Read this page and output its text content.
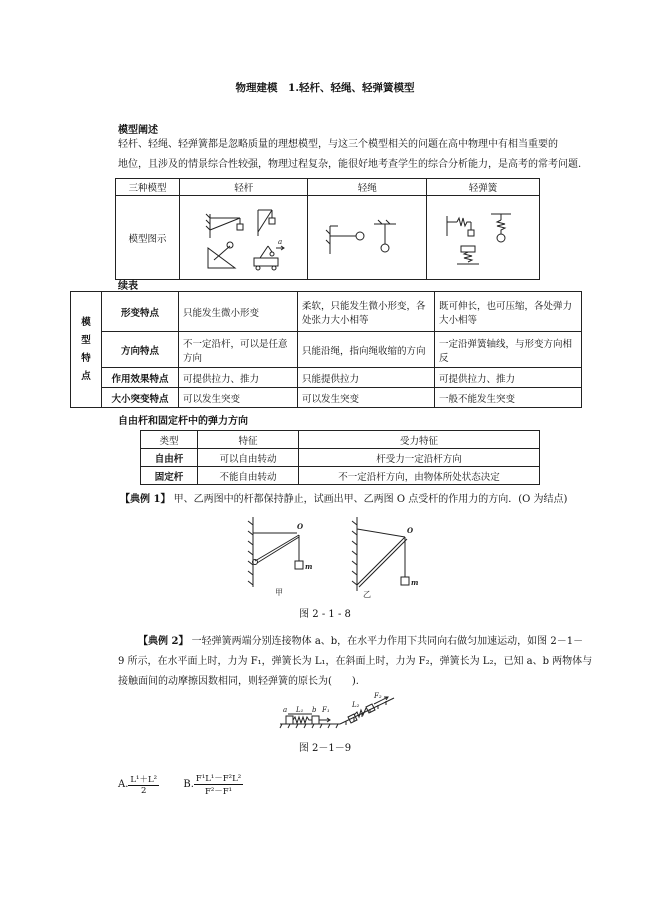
物理建模　1.轻杆、轻绳、轻弹簧模型
模型阐述
轻杆、轻绳、轻弹簧都是忽略质量的理想模型，与这三个模型相关的问题在高中物理中有相当重要的
地位，且涉及的情景综合性较强，物理过程复杂，能很好地考查学生的综合分析能力，是高考的常考问题.
三种模型	轻杆	轻绳	轻弹簧
模型图示	a

续表
模
型
特
点	形变特点	只能发生微小形变	柔软，只能发生微小形变，各处张力大小相等	既可伸长，也可压缩，各处弹力大小相等
	方向特点	不一定沿杆，可以是任意方向	只能沿绳，指向绳收缩的方向	一定沿弹簧轴线，与形变方向相反
	作用效果特点	可提供拉力、推力	只能提供拉力	可提供拉力、推力
	大小突变特点	可以发生突变	可以发生突变	一般不能发生突变
自由杆和固定杆中的弹力方向
类型	特征	受力特征
自由杆	可以自由转动	杆受力一定沿杆方向
固定杆	不能自由转动	不一定沿杆方向，由物体所处状态决定
【典例 1】 甲、乙两图中的杆都保持静止，试画出甲、乙两图 O 点受杆的作用力的方向．(O 为结点)
O
m
O
m
甲	乙
图 2 - 1 - 8
【典例 2】 一轻弹簧两端分别连接物体 a、b，在水平力作用下共同向右做匀加速运动，如图 2－1－
9 所示，在水平面上时，力为 F₁，弹簧长为 L₁，在斜面上时，力为 F₂，弹簧长为 L₂，已知 a、b 两物体与
接触面间的动摩擦因数相同，则轻弹簧的原长为(　　).
a	b F₁
L₁
L₂
F₂
图 2－1－9
A. $\frac{\text{L¹＋L²}}{2} B$. $\frac{\text{F¹L¹－F²L²}}{\text{F²－F¹}}$
